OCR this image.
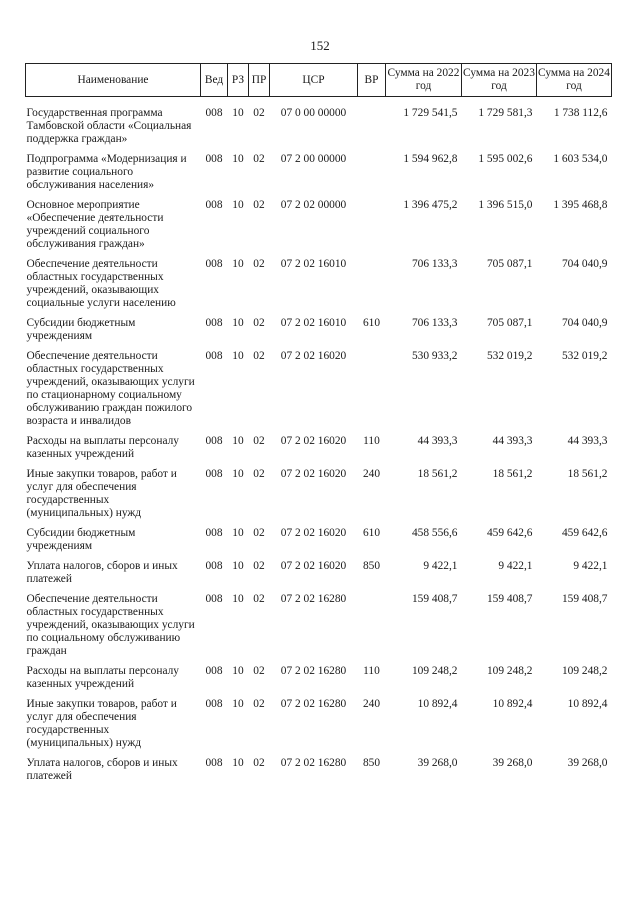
152
Наименование	Вед	РЗ	ПР	ЦСР	ВР	Сумма на 2022 год	Сумма на 2023 год	Сумма на 2024 год
Государственная программа Тамбовской области «Социальная поддержка граждан»	008	10	02	07 0 00 00000		1 729 541,5	1 729 581,3	1 738 112,6
Подпрограмма «Модернизация и развитие социального обслуживания населения»	008	10	02	07 2 00 00000		1 594 962,8	1 595 002,6	1 603 534,0
Основное мероприятие «Обеспечение деятельности учреждений социального обслуживания граждан»	008	10	02	07 2 02 00000		1 396 475,2	1 396 515,0	1 395 468,8
Обеспечение деятельности областных государственных учреждений, оказывающих социальные услуги населению	008	10	02	07 2 02 16010		706 133,3	705 087,1	704 040,9
Субсидии бюджетным учреждениям	008	10	02	07 2 02 16010	610	706 133,3	705 087,1	704 040,9
Обеспечение деятельности областных государственных учреждений, оказывающих услуги по стационарному социальному обслуживанию граждан пожилого возраста и инвалидов	008	10	02	07 2 02 16020		530 933,2	532 019,2	532 019,2
Расходы на выплаты персоналу казенных учреждений	008	10	02	07 2 02 16020	110	44 393,3	44 393,3	44 393,3
Иные закупки товаров, работ и услуг для обеспечения государственных (муниципальных) нужд	008	10	02	07 2 02 16020	240	18 561,2	18 561,2	18 561,2
Субсидии бюджетным учреждениям	008	10	02	07 2 02 16020	610	458 556,6	459 642,6	459 642,6
Уплата налогов, сборов и иных платежей	008	10	02	07 2 02 16020	850	9 422,1	9 422,1	9 422,1
Обеспечение деятельности областных государственных учреждений, оказывающих услуги по социальному обслуживанию граждан	008	10	02	07 2 02 16280		159 408,7	159 408,7	159 408,7
Расходы на выплаты персоналу казенных учреждений	008	10	02	07 2 02 16280	110	109 248,2	109 248,2	109 248,2
Иные закупки товаров, работ и услуг для обеспечения государственных (муниципальных) нужд	008	10	02	07 2 02 16280	240	10 892,4	10 892,4	10 892,4
Уплата налогов, сборов и иных платежей	008	10	02	07 2 02 16280	850	39 268,0	39 268,0	39 268,0
